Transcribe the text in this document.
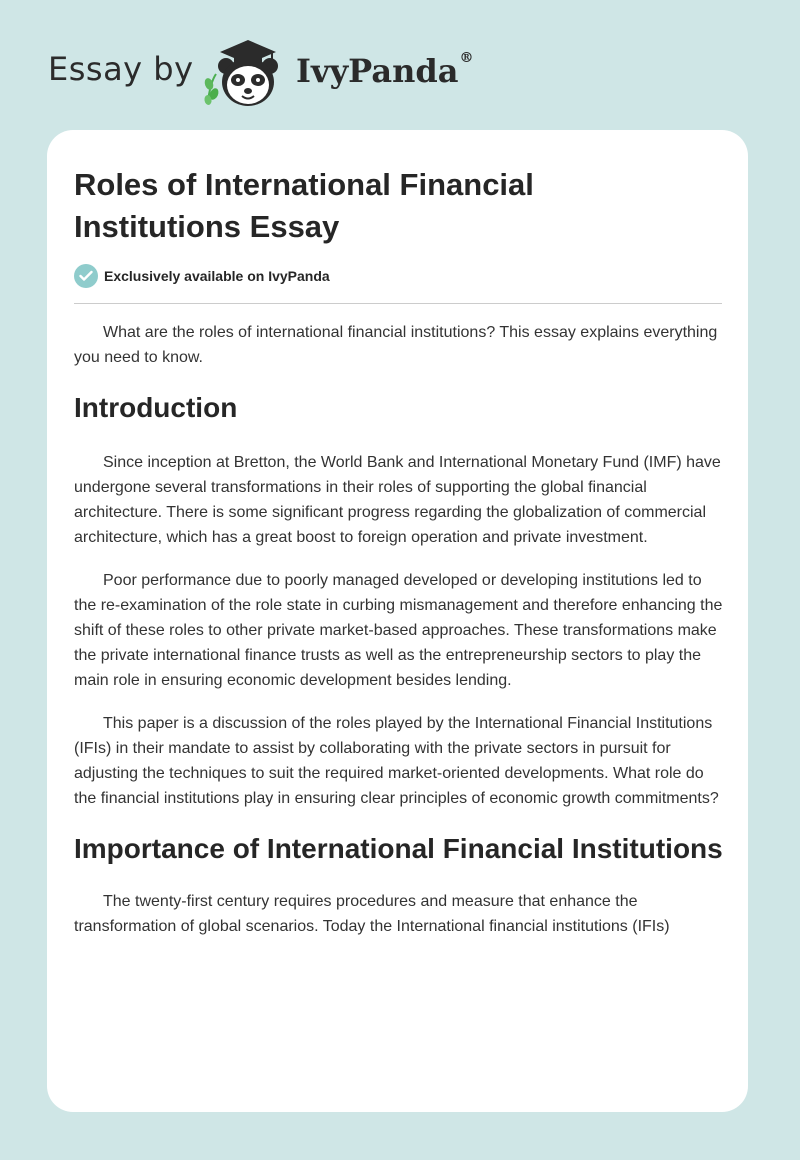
Essay by	IvyPanda®
Roles of International Financial Institutions Essay
Exclusively available on IvyPanda

What are the roles of international financial institutions? This essay explains everything you need to know.

Introduction

Since inception at Bretton, the World Bank and International Monetary Fund (IMF) have undergone several transformations in their roles of supporting the global financial architecture. There is some significant progress regarding the globalization of commercial architecture, which has a great boost to foreign operation and private investment.

Poor performance due to poorly managed developed or developing institutions led to the re-examination of the role state in curbing mismanagement and therefore enhancing the shift of these roles to other private market-based approaches. These transformations make the private international finance trusts as well as the entrepreneurship sectors to play the main role in ensuring economic development besides lending.

This paper is a discussion of the roles played by the International Financial Institutions (IFIs) in their mandate to assist by collaborating with the private sectors in pursuit for adjusting the techniques to suit the required market-oriented developments. What role do the financial institutions play in ensuring clear principles of economic growth commitments?

Importance of International Financial Institutions

The twenty-first century requires procedures and measure that enhance the transformation of global scenarios. Today the International financial institutions (IFIs)
